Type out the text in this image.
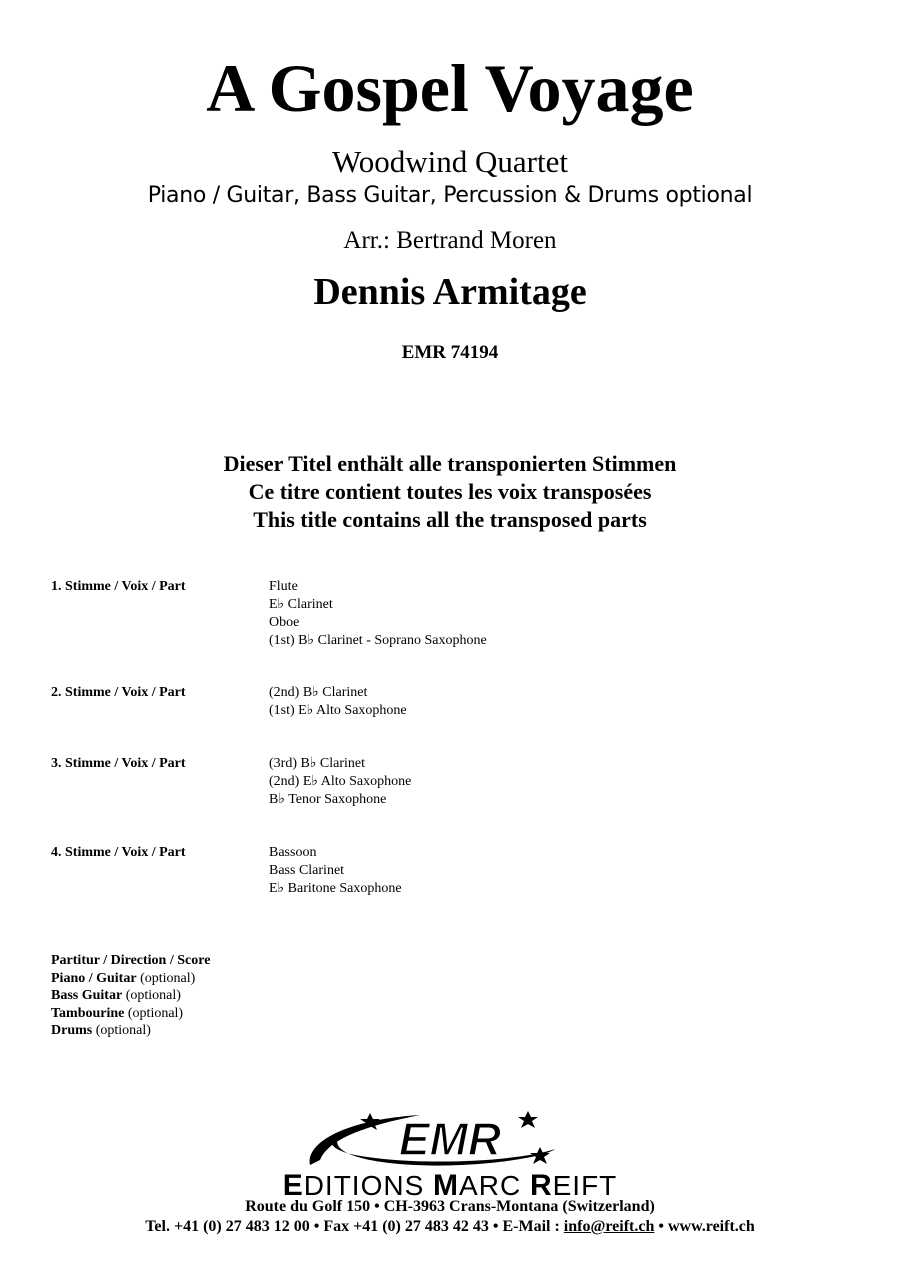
A Gospel Voyage
Woodwind Quartet
Piano / Guitar, Bass Guitar, Percussion & Drums optional
Arr.: Bertrand Moren
Dennis Armitage
EMR 74194
Dieser Titel enthält alle transponierten Stimmen
Ce titre contient toutes les voix transposées
This title contains all the transposed parts
1. Stimme / Voix / Part	Flute
E♭ Clarinet
Oboe
(1st) B♭ Clarinet - Soprano Saxophone
2. Stimme / Voix / Part	(2nd) B♭ Clarinet
(1st) E♭ Alto Saxophone
3. Stimme / Voix / Part	(3rd) B♭ Clarinet
(2nd) E♭ Alto Saxophone
B♭ Tenor Saxophone
4. Stimme / Voix / Part	Bassoon
Bass Clarinet
E♭ Baritone Saxophone
Partitur / Direction / Score
Piano / Guitar (optional)
Bass Guitar (optional)
Tambourine (optional)
Drums (optional)
EMR
EDITIONS MARC REIFT
Route du Golf 150 • CH-3963 Crans-Montana (Switzerland)
Tel. +41 (0) 27 483 12 00 • Fax +41 (0) 27 483 42 43 • E-Mail : info@reift.ch • www.reift.ch
